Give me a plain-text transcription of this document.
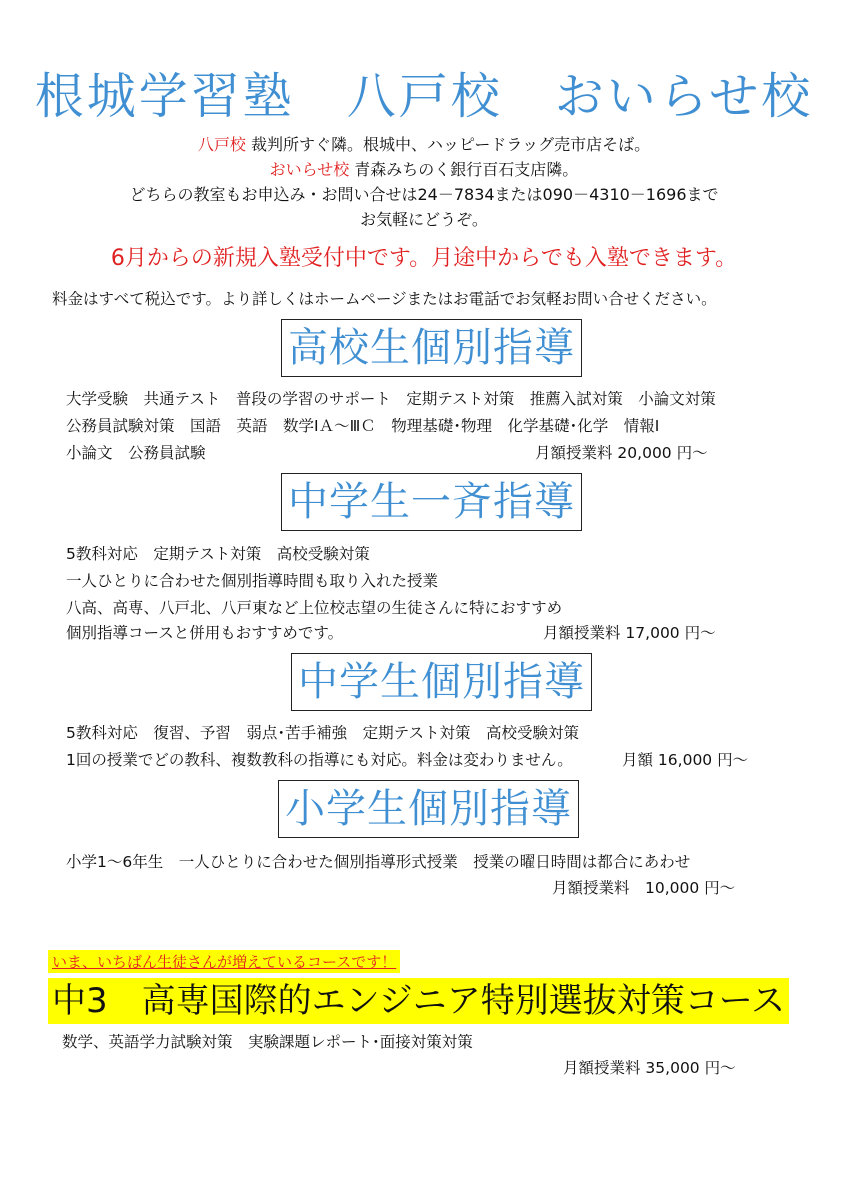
根城学習塾　八戸校　おいらせ校
八戸校 裁判所すぐ隣。根城中、ハッピードラッグ売市店そば。
おいらせ校 青森みちのく銀行百石支店隣。
どちらの教室もお申込み・お問い合せは24－7834または090－4310－1696まで
お気軽にどうぞ。
6月からの新規入塾受付中です。月途中からでも入塾できます。
料金はすべて税込です。より詳しくはホームページまたはお電話でお気軽お問い合せください。
高校生個別指導
大学受験　共通テスト　普段の学習のサポート　定期テスト対策　推薦入試対策　小論文対策
公務員試験対策　国語　英語　数学ⅠＡ～ⅢＣ　物理基礎･物理　化学基礎･化学　情報Ⅰ
小論文　公務員試験	月額授業料 20,000 円～
中学生一斉指導
5教科対応　定期テスト対策　高校受験対策
一人ひとりに合わせた個別指導時間も取り入れた授業
八高、高専、八戸北、八戸東など上位校志望の生徒さんに特におすすめ
個別指導コースと併用もおすすめです。	月額授業料 17,000 円～
中学生個別指導
5教科対応　復習、予習　弱点･苦手補強　定期テスト対策　高校受験対策
1回の授業でどの教科、複数教科の指導にも対応。料金は変わりません。	月額 16,000 円～
小学生個別指導
小学1～6年生　一人ひとりに合わせた個別指導形式授業　授業の曜日時間は都合にあわせ
月額授業料　10,000 円～
いま、いちばん生徒さんが増えているコースです！
中3　高専国際的エンジニア特別選抜対策コース
数学、英語学力試験対策　実験課題レポート･面接対策対策
月額授業料 35,000 円～
